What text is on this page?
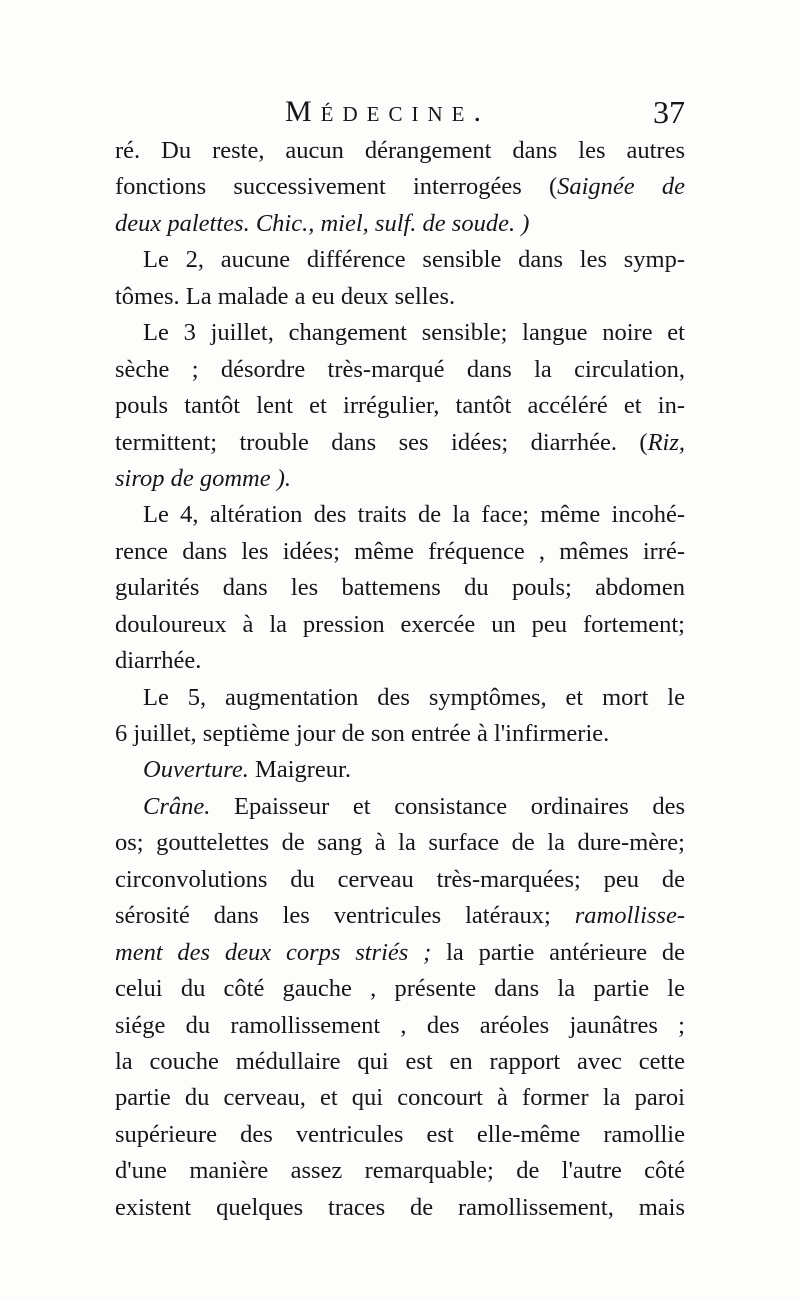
Médecine.	37
ré. Du reste, aucun dérangement dans les autres
fonctions successivement interrogées (Saignée de
deux palettes. Chic., miel, sulf. de soude. )
Le 2, aucune différence sensible dans les symp-
tômes. La malade a eu deux selles.
Le 3 juillet, changement sensible; langue noire et
sèche ; désordre très-marqué dans la circulation,
pouls tantôt lent et irrégulier, tantôt accéléré et in-
termittent; trouble dans ses idées; diarrhée. (Riz,
sirop de gomme ).
Le 4, altération des traits de la face; même incohé-
rence dans les idées; même fréquence , mêmes irré-
gularités dans les battemens du pouls; abdomen
douloureux à la pression exercée un peu fortement;
diarrhée.
Le 5, augmentation des symptômes, et mort le
6 juillet, septième jour de son entrée à l'infirmerie.
Ouverture. Maigreur.
Crâne. Epaisseur et consistance ordinaires des
os; gouttelettes de sang à la surface de la dure-mère;
circonvolutions du cerveau très-marquées; peu de
sérosité dans les ventricules latéraux; ramollisse-
ment des deux corps striés ; la partie antérieure de
celui du côté gauche , présente dans la partie le
siége du ramollissement , des aréoles jaunâtres ;
la couche médullaire qui est en rapport avec cette
partie du cerveau, et qui concourt à former la paroi
supérieure des ventricules est elle-même ramollie
d'une manière assez remarquable; de l'autre côté
existent quelques traces de ramollissement, mais
